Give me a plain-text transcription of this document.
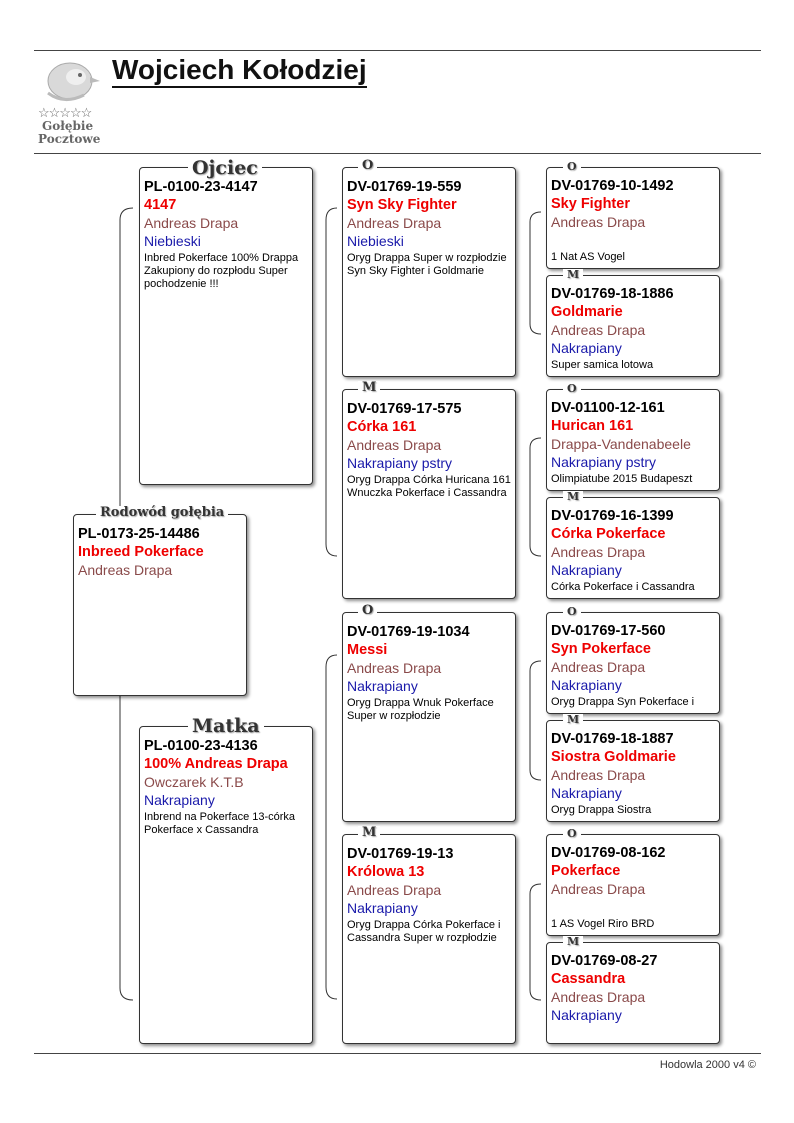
☆☆☆☆☆
Gołębie
Pocztowe
Wojciech Kołodziej
PL-0173-25-14486
Inbreed Pokerface
Andreas Drapa
Rodowód gołębia
PL-0100-23-4147
4147
Andreas Drapa
Niebieski
Inbred Pokerface 100% Drappa Zakupiony do rozpłodu Super pochodzenie !!!
Ojciec
PL-0100-23-4136
100% Andreas Drapa
Owczarek K.T.B
Nakrapiany
Inbrend na Pokerface 13-córka Pokerface x Cassandra
Matka
DV-01769-19-559
Syn Sky Fighter
Andreas Drapa
Niebieski
Oryg Drappa Super w rozpłodzie Syn Sky Fighter i Goldmarie
O
DV-01769-17-575
Córka 161
Andreas Drapa
Nakrapiany pstry
Oryg Drappa Córka Huricana 161 Wnuczka Pokerface i Cassandra
M
DV-01769-19-1034
Messi
Andreas Drapa
Nakrapiany
Oryg Drappa Wnuk Pokerface Super w rozpłodzie
O
DV-01769-19-13
Królowa 13
Andreas Drapa
Nakrapiany
Oryg Drappa Córka Pokerface i Cassandra Super w rozpłodzie
M
DV-01769-10-1492
Sky Fighter
Andreas Drapa
1 Nat AS Vogel
O
DV-01769-18-1886
Goldmarie
Andreas Drapa
Nakrapiany
Super samica lotowa
M
DV-01100-12-161
Hurican 161
Drappa-Vandenabeele
Nakrapiany pstry
Olimpiatube 2015 Budapeszt
O
DV-01769-16-1399
Córka Pokerface
Andreas Drapa
Nakrapiany
Córka Pokerface i Cassandra
M
DV-01769-17-560
Syn Pokerface
Andreas Drapa
Nakrapiany
Oryg Drappa Syn Pokerface i
O
DV-01769-18-1887
Siostra Goldmarie
Andreas Drapa
Nakrapiany
Oryg Drappa Siostra
M
DV-01769-08-162
Pokerface
Andreas Drapa
1 AS Vogel Riro BRD
O
DV-01769-08-27
Cassandra
Andreas Drapa
Nakrapiany
M
Hodowla 2000 v4 ©
